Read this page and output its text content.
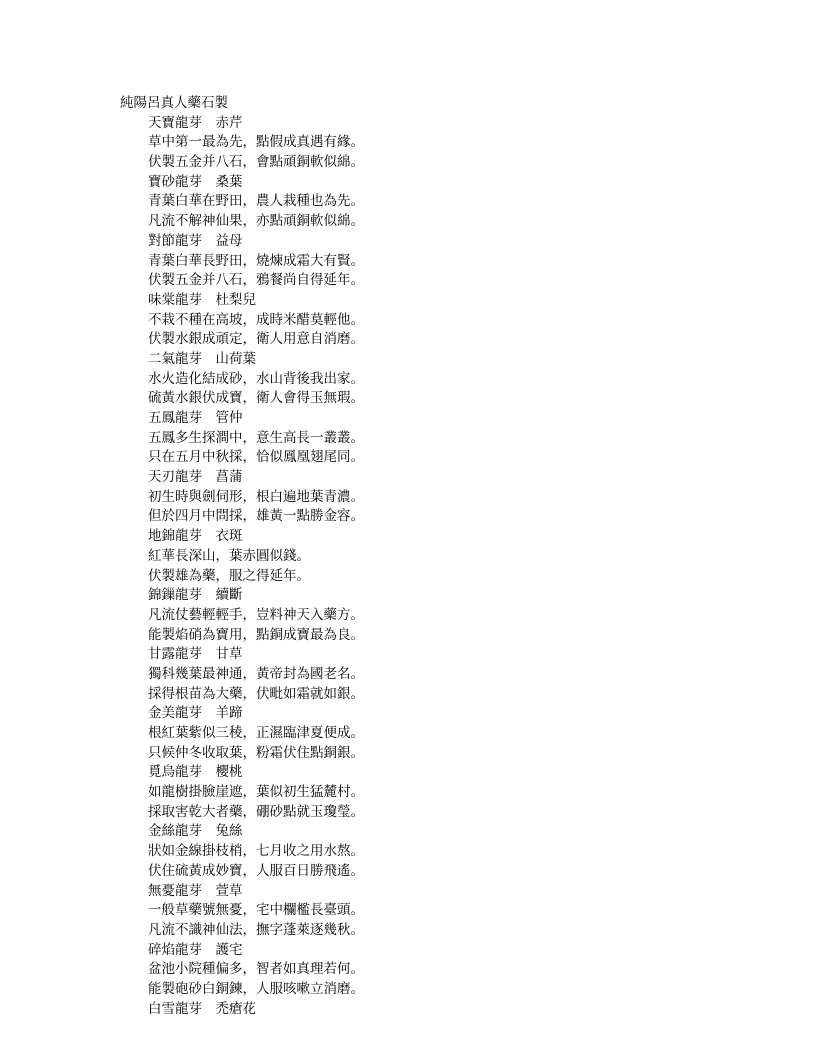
純陽呂真人藥石製
天寶龍芽　赤芹
草中第一最為先，點假成真遇有緣。
伏製五金并八石，會點頑銅軟似綿。
寶砂龍芽　桑葉
青葉白華在野田，農人栽種也為先。
凡流不解神仙果，亦點頑銅軟似綿。
對節龍芽　益母
青葉白華長野田，燒煉成霜大有賢。
伏製五金并八石，鴉餐尚自得延年。
味棠龍芽　杜梨兒
不栽不種在高坡，成時米醋莫輕他。
伏製水銀成頑定，衛人用意自消磨。
二氣龍芽　山荷葉
水火造化結成砂，水山背後我出家。
硫黃水銀伏成寶，衛人會得玉無瑕。
五鳳龍芽　管仲
五鳳多生探澗中，意生高長一叢叢。
只在五月中秋採，恰似鳳凰翅尾同。
天刃龍芽　菖蒲
初生時與劍伺形，根白遍地葉青濃。
但於四月中問採，雄黃一點勝金容。
地錦龍芽　衣斑
紅華長深山，葉赤圓似錢。
伏製雄為藥，服之得延年。
錦鏁龍芽　續斷
凡流仗藝輕輕手，豈料神天入藥方。
能製焰硝為寶用，點銅成寶最為良。
甘露龍芽　甘草
獨科幾葉最神通，黃帝封為國老名。
採得根苗為大藥，伏毗如霜就如銀。
金美龍芽　羊蹄
根紅葉紫似三稜，正濕臨津夏便成。
只候仲冬收取葉，粉霜伏住點銅銀。
覓烏龍芽　櫻桃
如龍樹掛臉崖遮，葉似初生猛麓村。
採取害乾大者藥，硼砂點就玉瓊瑩。
金絲龍芽　兔絲
狀如金線掛枝梢，七月收之用水熬。
伏住硫黃成妙寶，人服百日勝飛遙。
無憂龍芽　萱草
一般草藥號無憂，宅中欄檻長臺頭。
凡流不識神仙法，撫字蓬萊逐幾秋。
碎焰龍芽　護宅
盆池小院種偏多，智者如真理若何。
能製砲砂白銅鍊，人服咳嗽立消磨。
白雪龍芽　禿瘡花
